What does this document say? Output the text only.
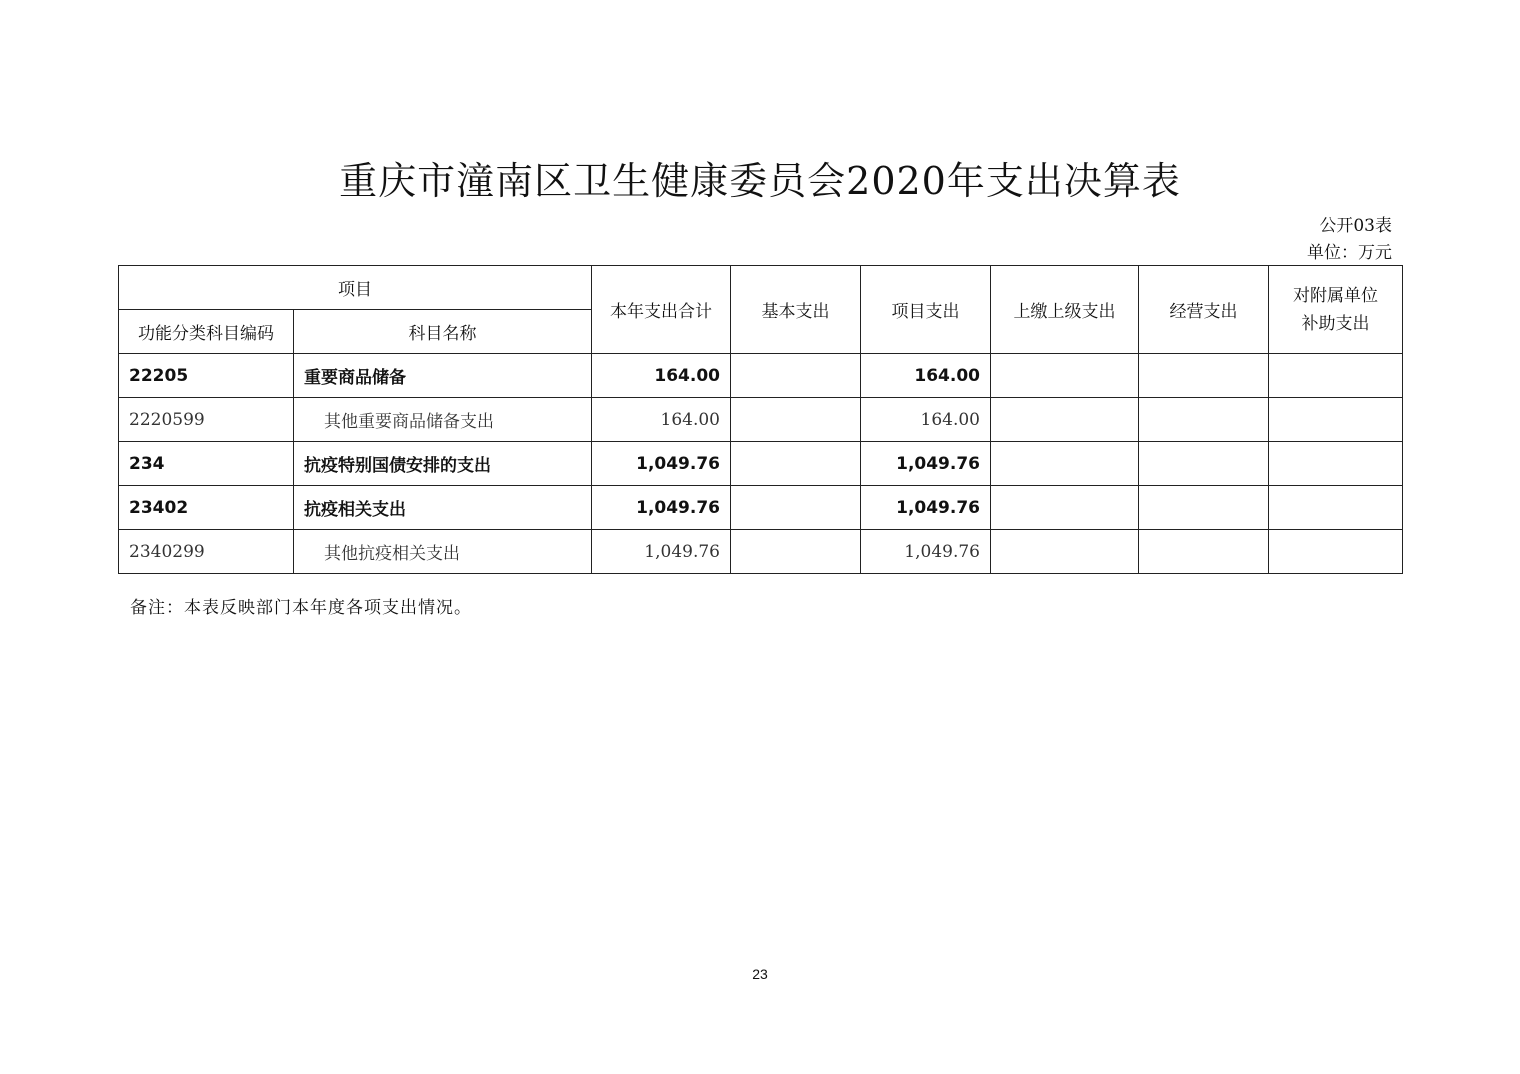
重庆市潼南区卫生健康委员会2020年支出决算表
公开03表
单位：万元
项目		本年支出合计	基本支出	项目支出	上缴上级支出	经营支出	对附属单位
补助支出
功能分类科目编码	科目名称						
22205	重要商品储备	164.00		164.00			
2220599	其他重要商品储备支出	164.00		164.00			
234	抗疫特别国债安排的支出	1,049.76		1,049.76			
23402	抗疫相关支出	1,049.76		1,049.76			
2340299	其他抗疫相关支出	1,049.76		1,049.76			
备注：本表反映部门本年度各项支出情况。
23
